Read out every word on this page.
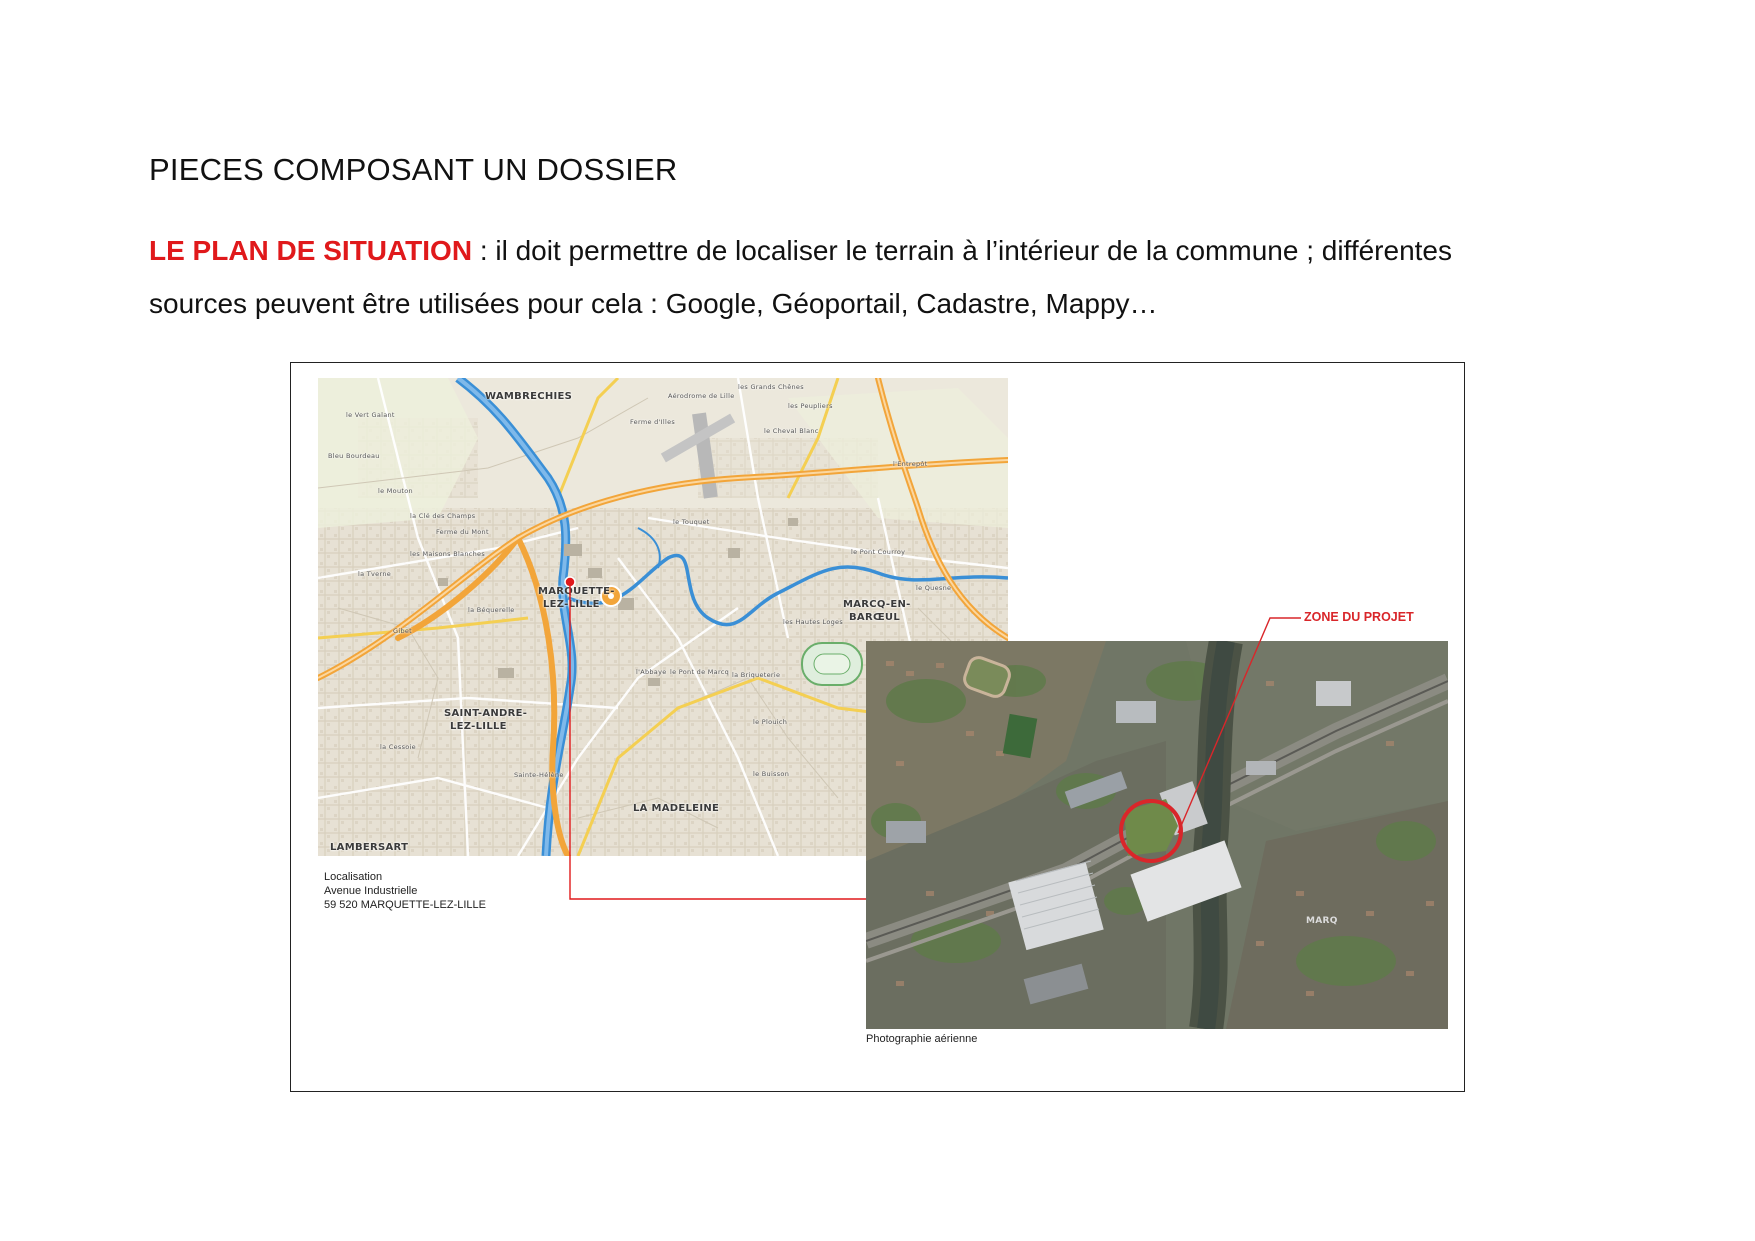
PIECES COMPOSANT UN DOSSIER
LE PLAN DE SITUATION : il doit permettre de localiser le terrain à l’intérieur de la commune ; différentes
sources peuvent être utilisées pour cela : Google, Géoportail, Cadastre, Mappy…
WAMBRECHIES
MARQUETTE-
LEZ-LILLE	MARCQ-EN-
BARŒUL
SAINT-ANDRE-
LEZ-LILLE
LA MADELEINE
LAMBERSART
le Vert Galant
Bleu Bourdeau
le Mouton
la Clé des Champs
Ferme du Mont
les Maisons Blanches
la Tverne
la Béquerelle
Gibet
la Cessoie
Sainte-Hélène
le Touquet
le Pont Courroy
le Quesne
les Hautes Loges
l'Abbaye le Pont de Marcq la Briqueterie
le Plouich
le Buisson
les Grands Chênes
les Peupliers
le Cheval Blanc
l'Entrepôt
Aérodrome de Lille
Ferme d'Illes
Localisation
Avenue Industrielle
59 520 MARQUETTE-LEZ-LILLE
MARQ
ZONE DU PROJET
Photographie aérienne
